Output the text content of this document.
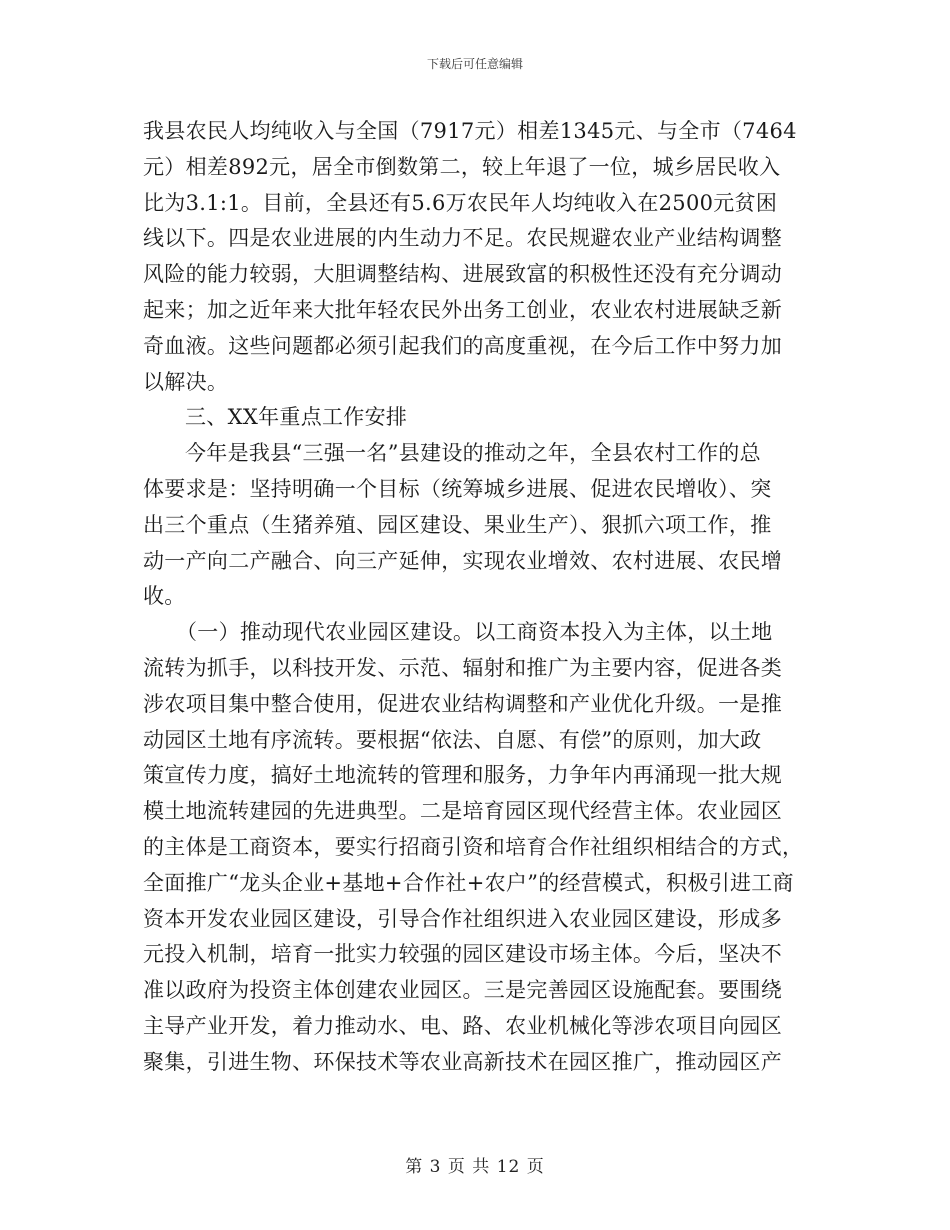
下载后可任意编辑
我县农民人均纯收入与全国（7917元）相差1345元、与全市（7464
元）相差892元，居全市倒数第二，较上年退了一位，城乡居民收入
比为3.1:1。目前，全县还有5.6万农民年人均纯收入在2500元贫困
线以下。四是农业进展的内生动力不足。农民规避农业产业结构调整
风险的能力较弱，大胆调整结构、进展致富的积极性还没有充分调动
起来；加之近年来大批年轻农民外出务工创业，农业农村进展缺乏新
奇血液。这些问题都必须引起我们的高度重视，在今后工作中努力加
以解决。
三、XX年重点工作安排
今年是我县“三强一名”县建设的推动之年，全县农村工作的总
体要求是：坚持明确一个目标（统筹城乡进展、促进农民增收）、突
出三个重点（生猪养殖、园区建设、果业生产）、狠抓六项工作，推
动一产向二产融合、向三产延伸，实现农业增效、农村进展、农民增
收。
（一）推动现代农业园区建设。以工商资本投入为主体，以土地
流转为抓手，以科技开发、示范、辐射和推广为主要内容，促进各类
涉农项目集中整合使用，促进农业结构调整和产业优化升级。一是推
动园区土地有序流转。要根据“依法、自愿、有偿”的原则，加大政
策宣传力度，搞好土地流转的管理和服务，力争年内再涌现一批大规
模土地流转建园的先进典型。二是培育园区现代经营主体。农业园区
的主体是工商资本，要实行招商引资和培育合作社组织相结合的方式，
全面推广“龙头企业+基地+合作社+农户”的经营模式，积极引进工商
资本开发农业园区建设，引导合作社组织进入农业园区建设，形成多
元投入机制，培育一批实力较强的园区建设市场主体。今后，坚决不
准以政府为投资主体创建农业园区。三是完善园区设施配套。要围绕
主导产业开发，着力推动水、电、路、农业机械化等涉农项目向园区
聚集，引进生物、环保技术等农业高新技术在园区推广，推动园区产
第 3 页 共 12 页
